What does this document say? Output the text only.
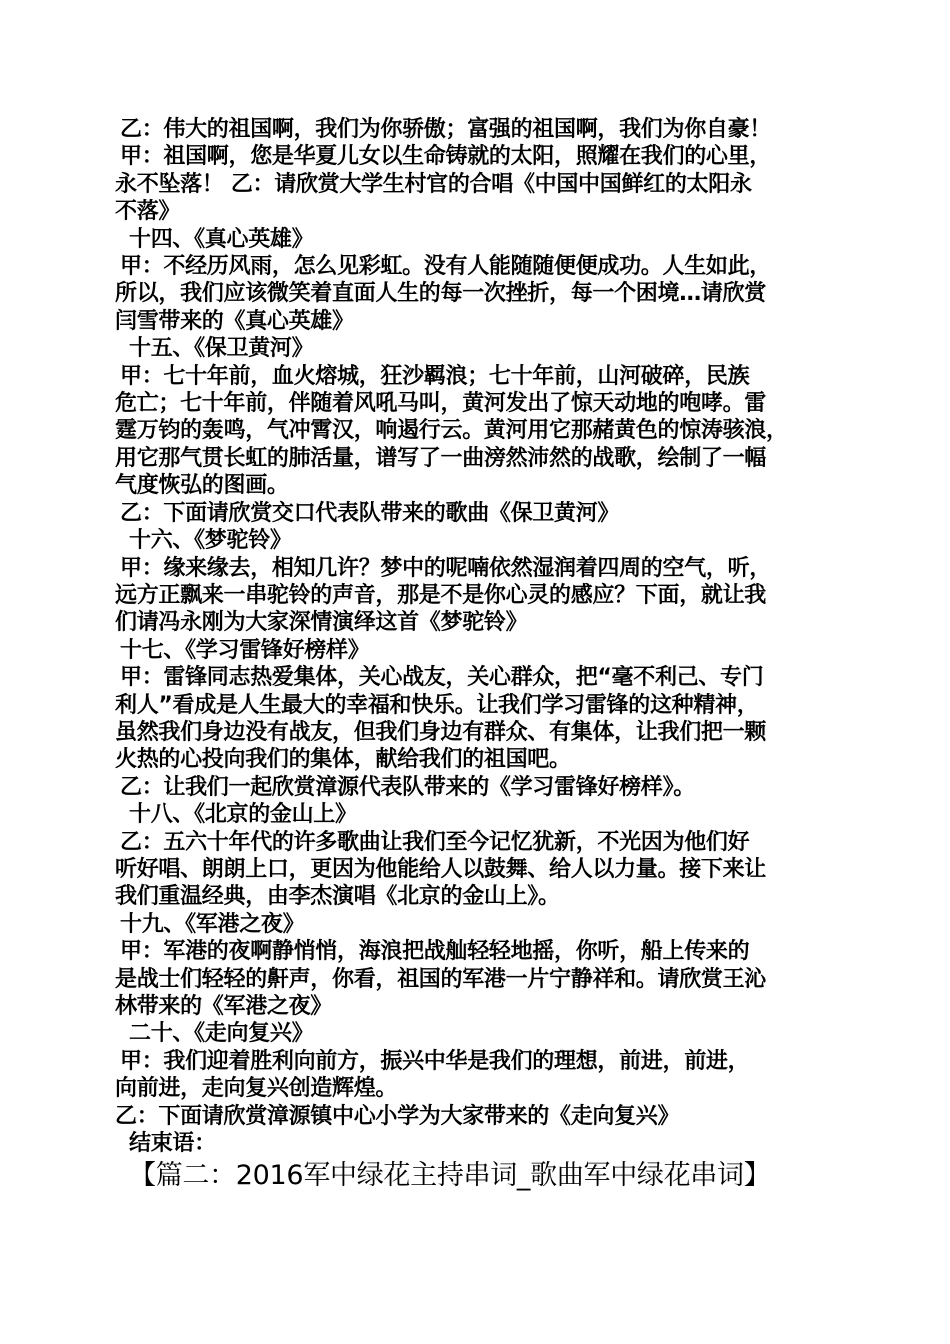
乙：伟大的祖国啊，我们为你骄傲；富强的祖国啊，我们为你自豪！
甲：祖国啊，您是华夏儿女以生命铸就的太阳，照耀在我们的心里，
永不坠落！ 乙：请欣赏大学生村官的合唱《中国中国鲜红的太阳永
不落》
十四、《真心英雄》
甲：不经历风雨，怎么见彩虹。没有人能随随便便成功。人生如此，
所以，我们应该微笑着直面人生的每一次挫折，每一个困境…请欣赏
闫雪带来的《真心英雄》
十五、《保卫黄河》
甲：七十年前，血火熔城，狂沙羁浪；七十年前，山河破碎，民族
危亡；七十年前，伴随着风吼马叫，黄河发出了惊天动地的咆哮。雷
霆万钧的轰鸣，气冲霄汉，响遏行云。黄河用它那赭黄色的惊涛骇浪，
用它那气贯长虹的肺活量，谱写了一曲滂然沛然的战歌，绘制了一幅
气度恢弘的图画。
乙：下面请欣赏交口代表队带来的歌曲《保卫黄河》
十六、《梦驼铃》
甲：缘来缘去，相知几许？梦中的呢喃依然湿润着四周的空气，听，
远方正飘来一串驼铃的声音，那是不是你心灵的感应？下面，就让我
们请冯永刚为大家深情演绎这首《梦驼铃》
十七、《学习雷锋好榜样》
甲：雷锋同志热爱集体，关心战友，关心群众，把“毫不利己、专门
利人”看成是人生最大的幸福和快乐。让我们学习雷锋的这种精神，
虽然我们身边没有战友，但我们身边有群众、有集体，让我们把一颗
火热的心投向我们的集体，献给我们的祖国吧。
乙：让我们一起欣赏漳源代表队带来的《学习雷锋好榜样》。
十八、《北京的金山上》
乙：五六十年代的许多歌曲让我们至今记忆犹新，不光因为他们好
听好唱、朗朗上口，更因为他能给人以鼓舞、给人以力量。接下来让
我们重温经典，由李杰演唱《北京的金山上》。
十九、《军港之夜》
甲：军港的夜啊静悄悄，海浪把战舢轻轻地摇，你听，船上传来的
是战士们轻轻的鼾声，你看，祖国的军港一片宁静祥和。请欣赏王沁
林带来的《军港之夜》
二十、《走向复兴》
甲：我们迎着胜利向前方，振兴中华是我们的理想，前进，前进，
向前进，走向复兴创造辉煌。
乙：下面请欣赏漳源镇中心小学为大家带来的《走向复兴》
结束语：
【篇二：2016军中绿花主持串词_歌曲军中绿花串词】
